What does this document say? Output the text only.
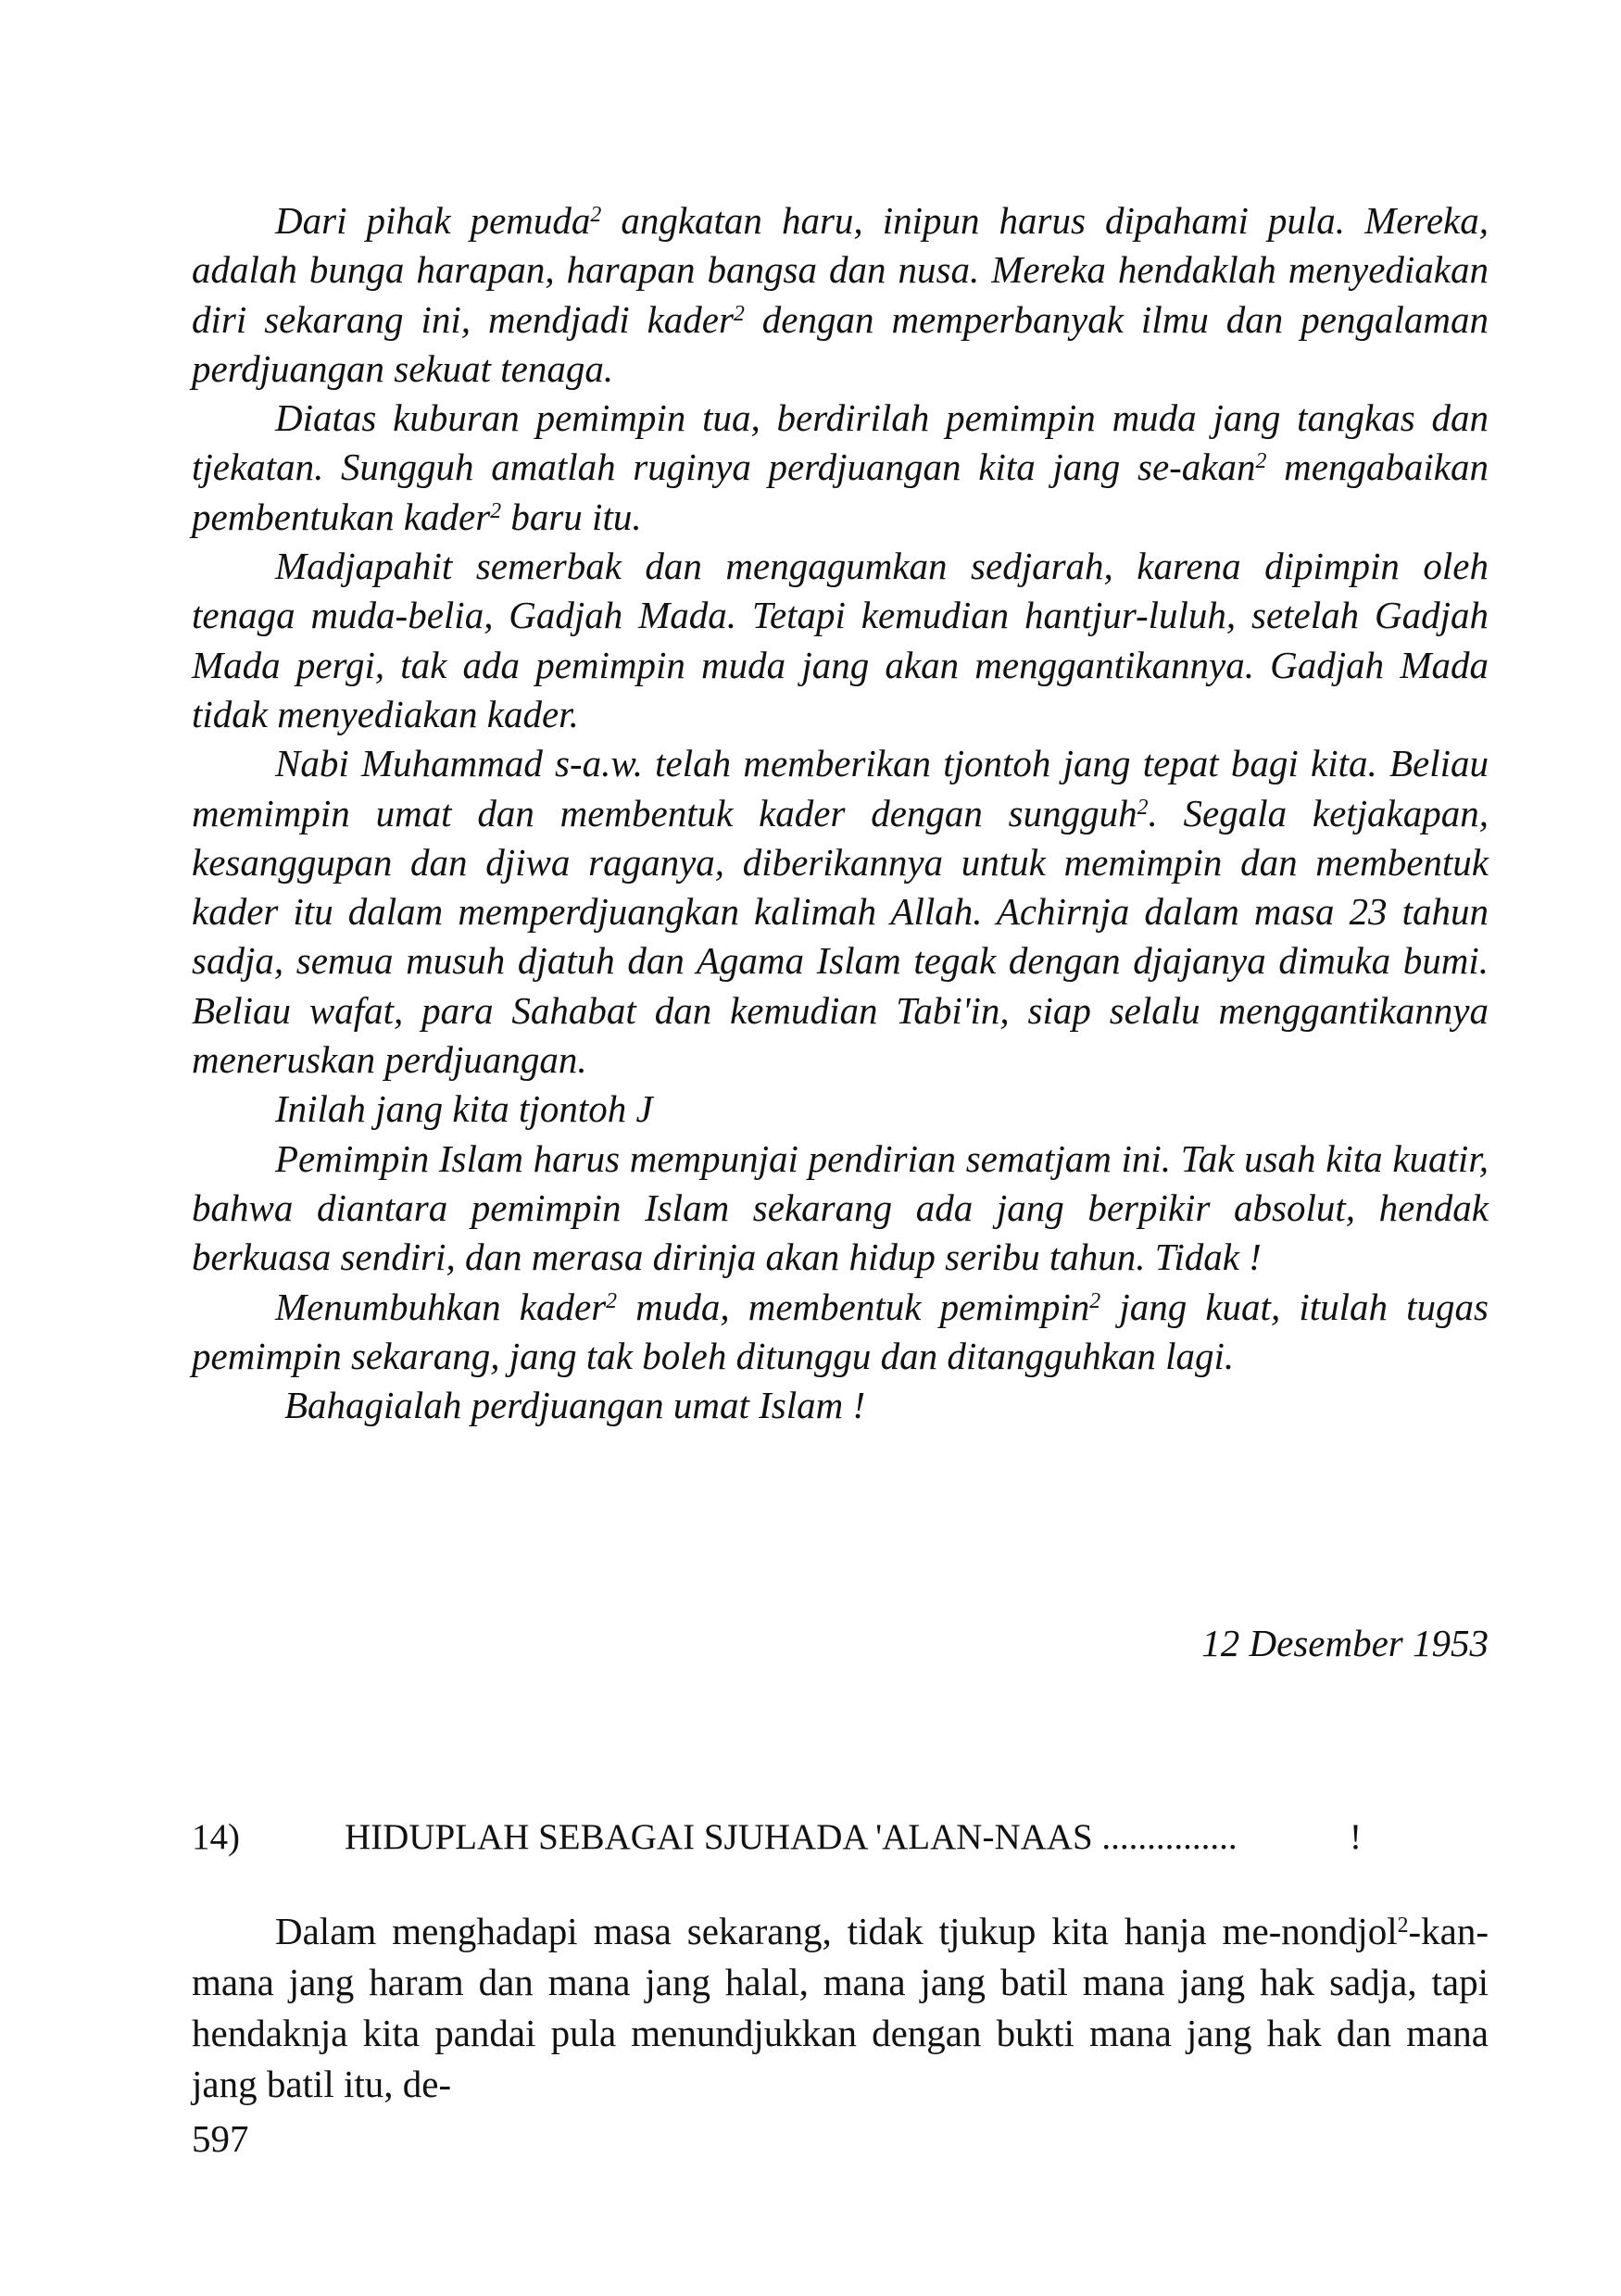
Dari pihak pemuda$^2$ angkatan haru, inipun harus dipahami pula. Mereka, adalah bunga harapan, harapan bangsa dan nusa. Mereka hendaklah menyediakan diri sekarang ini, mendjadi kader$^2$ dengan memperbanyak ilmu dan pengalaman perdjuangan sekuat tenaga.

Diatas kuburan pemimpin tua, berdirilah pemimpin muda jang tangkas dan tjekatan. Sungguh amatlah ruginya perdjuangan kita jang se-akan$^2$ mengabaikan pembentukan kader$^2$ baru itu.

Madjapahit semerbak dan mengagumkan sedjarah, karena dipimpin oleh tenaga muda-belia, Gadjah Mada. Tetapi kemudian hantjur-luluh, setelah Gadjah Mada pergi, tak ada pemimpin muda jang akan menggantikannya. Gadjah Mada tidak menyediakan kader.

Nabi Muhammad s-a.w. telah memberikan tjontoh jang tepat bagi kita. Beliau memimpin umat dan membentuk kader dengan sungguh$^2$. Segala ketjakapan, kesanggupan dan djiwa raganya, diberikannya untuk memimpin dan membentuk kader itu dalam memperdjuangkan kalimah Allah. Achirnja dalam masa 23 tahun sadja, semua musuh djatuh dan Agama Islam tegak dengan djajanya dimuka bumi. Beliau wafat, para Sahabat dan kemudian Tabi'in, siap selalu menggantikannya meneruskan perdjuangan.

Inilah jang kita tjontoh J

Pemimpin Islam harus mempunjai pendirian sematjam ini. Tak usah kita kuatir, bahwa diantara pemimpin Islam sekarang ada jang berpikir absolut, hendak berkuasa sendiri, dan merasa dirinja akan hidup seribu tahun. Tidak !

Menumbuhkan kader$^2$ muda, membentuk pemimpin$^2$ jang kuat, itulah tugas pemimpin sekarang, jang tak boleh ditunggu dan ditangguhkan lagi.

Bahagialah perdjuangan umat Islam !

12 Desember 1953
14)	HIDUPLAH SEBAGAI SJUHADA 'ALAN-NAAS ...............	!

Dalam menghadapi masa sekarang, tidak tjukup kita hanja me-nondjol$^2$-kan- mana jang haram dan mana jang halal, mana jang batil mana jang hak sadja, tapi hendaknja kita pandai pula menundjukkan dengan bukti mana jang hak dan mana jang batil itu, de-

597
